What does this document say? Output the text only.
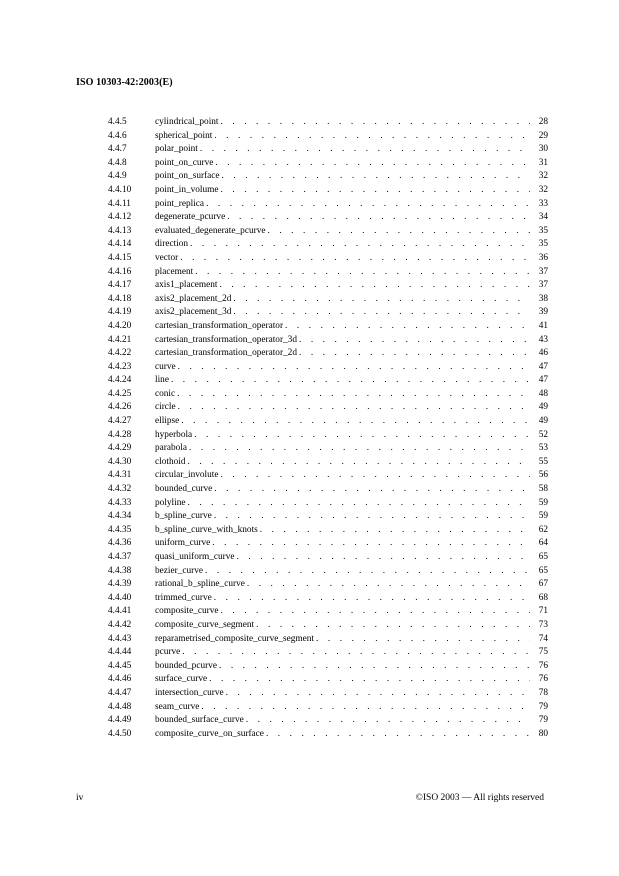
ISO 10303-42:2003(E)
4.4.5	cylindrical_point . . .	28
4.4.6	spherical_point . . .	29
4.4.7	polar_point . . .	30
4.4.8	point_on_curve . . .	31
4.4.9	point_on_surface . . .	32
4.4.10	point_in_volume . . .	32
4.4.11	point_replica . . .	33
4.4.12	degenerate_pcurve . . .	34
4.4.13	evaluated_degenerate_pcurve . . .	35
4.4.14	direction . . .	35
4.4.15	vector . . .	36
4.4.16	placement . . .	37
4.4.17	axis1_placement . . .	37
4.4.18	axis2_placement_2d . . .	38
4.4.19	axis2_placement_3d . . .	39
4.4.20	cartesian_transformation_operator . . .	41
4.4.21	cartesian_transformation_operator_3d . . .	43
4.4.22	cartesian_transformation_operator_2d . . .	46
4.4.23	curve . . .	47
4.4.24	line . . .	47
4.4.25	conic . . .	48
4.4.26	circle . . .	49
4.4.27	ellipse . . .	49
4.4.28	hyperbola . . .	52
4.4.29	parabola . . .	53
4.4.30	clothoid . . .	55
4.4.31	circular_involute . . .	56
4.4.32	bounded_curve . . .	58
4.4.33	polyline . . .	59
4.4.34	b_spline_curve . . .	59
4.4.35	b_spline_curve_with_knots . . .	62
4.4.36	uniform_curve . . .	64
4.4.37	quasi_uniform_curve . . .	65
4.4.38	bezier_curve . . .	65
4.4.39	rational_b_spline_curve . . .	67
4.4.40	trimmed_curve . . .	68
4.4.41	composite_curve . . .	71
4.4.42	composite_curve_segment . . .	73
4.4.43	reparametrised_composite_curve_segment . . .	74
4.4.44	pcurve . . .	75
4.4.45	bounded_pcurve . . .	76
4.4.46	surface_curve . . .	76
4.4.47	intersection_curve . . .	78
4.4.48	seam_curve . . .	79
4.4.49	bounded_surface_curve . . .	79
4.4.50	composite_curve_on_surface . . .	80
iv	©ISO 2003 — All rights reserved
